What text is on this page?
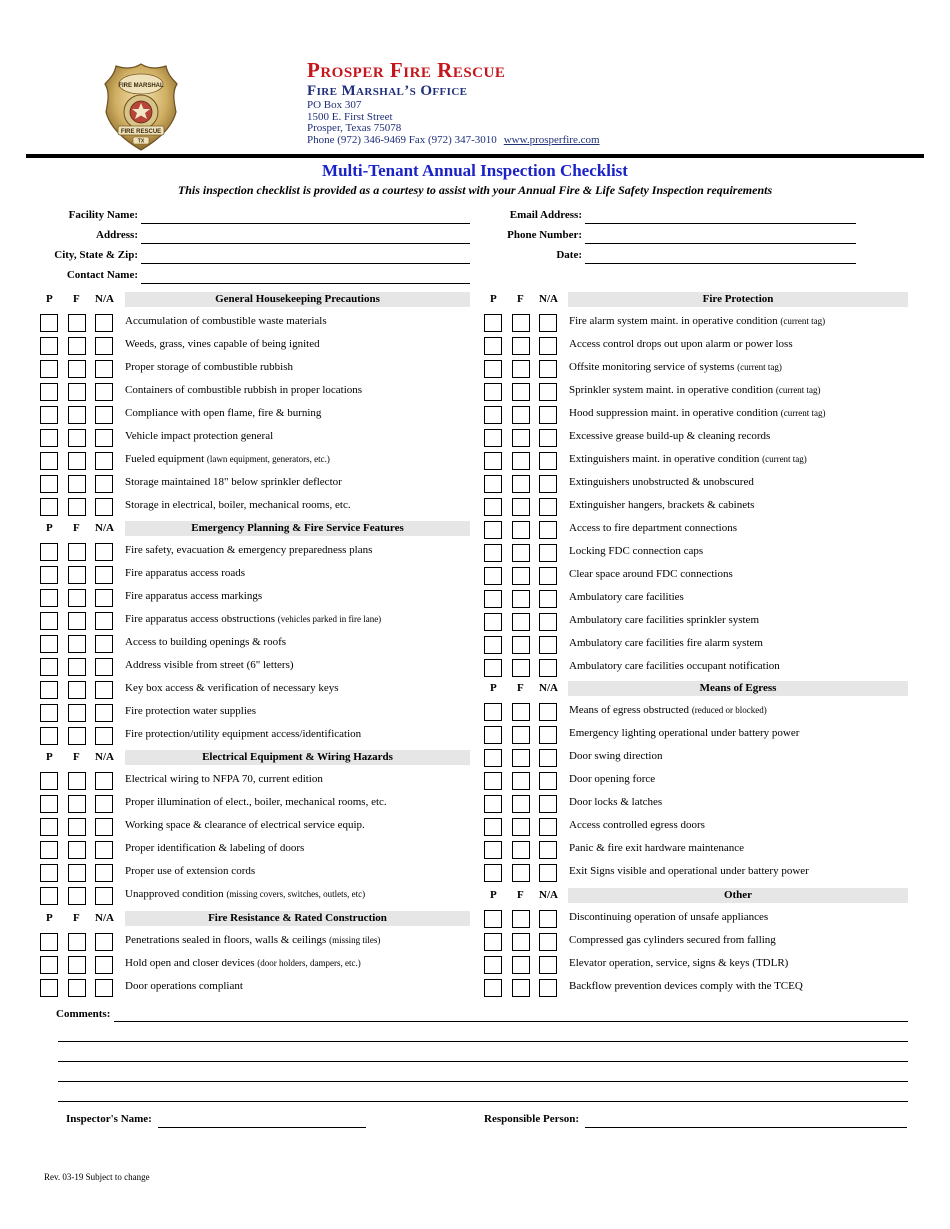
FIRE MARSHAL
FIRE RESCUE
TX
Prosper Fire Rescue
Fire Marshal’s Office
PO Box 307
1500 E. First Street
Prosper, Texas 75078
Phone (972) 346-9469 Fax (972) 347-3010 www.prosperfire.com
Multi-Tenant Annual Inspection Checklist
This inspection checklist is provided as a courtesy to assist with your Annual Fire & Life Safety Inspection requirements
Facility Name:
Address:
City, State & Zip:
Contact Name:
Email Address:
Phone Number:
Date:
P F N/A	General Housekeeping Precautions
Accumulation of combustible waste materials
Weeds, grass, vines capable of being ignited
Proper storage of combustible rubbish
Containers of combustible rubbish in proper locations
Compliance with open flame, fire & burning
Vehicle impact protection general
Fueled equipment (lawn equipment, generators, etc.)
Storage maintained 18" below sprinkler deflector
Storage in electrical, boiler, mechanical rooms, etc.
P F N/A	Emergency Planning & Fire Service Features
Fire safety, evacuation & emergency preparedness plans
Fire apparatus access roads
Fire apparatus access markings
Fire apparatus access obstructions (vehicles parked in fire lane)
Access to building openings & roofs
Address visible from street (6" letters)
Key box access & verification of necessary keys
Fire protection water supplies
Fire protection/utility equipment access/identification
P F N/A	Electrical Equipment & Wiring Hazards
Electrical wiring to NFPA 70, current edition
Proper illumination of elect., boiler, mechanical rooms, etc.
Working space & clearance of electrical service equip.
Proper identification & labeling of doors
Proper use of extension cords
Unapproved condition (missing covers, switches, outlets, etc)
P F N/A	Fire Resistance & Rated Construction
Penetrations sealed in floors, walls & ceilings (missing tiles)
Hold open and closer devices (door holders, dampers, etc.)
Door operations compliant
P F N/A	Fire Protection
Fire alarm system maint. in operative condition (current tag)
Access control drops out upon alarm or power loss
Offsite monitoring service of systems (current tag)
Sprinkler system maint. in operative condition (current tag)
Hood suppression maint. in operative condition (current tag)
Excessive grease build-up & cleaning records
Extinguishers maint. in operative condition (current tag)
Extinguishers unobstructed & unobscured
Extinguisher hangers, brackets & cabinets
Access to fire department connections
Locking FDC connection caps
Clear space around FDC connections
Ambulatory care facilities
Ambulatory care facilities sprinkler system
Ambulatory care facilities fire alarm system
Ambulatory care facilities occupant notification
P F N/A	Means of Egress
Means of egress obstructed (reduced or blocked)
Emergency lighting operational under battery power
Door swing direction
Door opening force
Door locks & latches
Access controlled egress doors
Panic & fire exit hardware maintenance
Exit Signs visible and operational under battery power
P F N/A	Other
Discontinuing operation of unsafe appliances
Compressed gas cylinders secured from falling
Elevator operation, service, signs & keys (TDLR)
Backflow prevention devices comply with the TCEQ
Comments:
Inspector's Name:	Responsible Person:
Rev. 03-19 Subject to change
